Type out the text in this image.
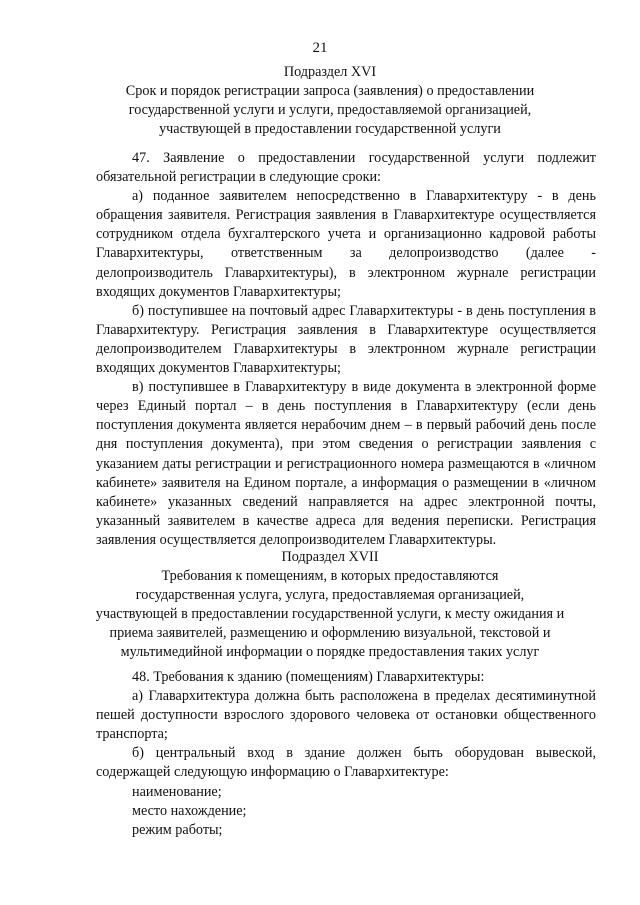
21
Подраздел XVI
Срок и порядок регистрации запроса (заявления) о предоставлении
государственной услуги и услуги, предоставляемой организацией,
участвующей в предоставлении государственной услуги

47. Заявление о предоставлении государственной услуги подлежит обязательной регистрации в следующие сроки:

а) поданное заявителем непосредственно в Главархитектуру - в день обращения заявителя. Регистрация заявления в Главархитектуре осуществляется сотрудником отдела бухгалтерского учета и организационно кадровой работы Главархитектуры, ответственным за делопроизводство (далее - делопроизводитель Главархитектуры), в электронном журнале регистрации входящих документов Главархитектуры;

б) поступившее на почтовый адрес Главархитектуры - в день поступления в Главархитектуру. Регистрация заявления в Главархитектуре осуществляется делопроизводителем Главархитектуры в электронном журнале регистрации входящих документов Главархитектуры;

в) поступившее в Главархитектуру в виде документа в электронной форме через Единый портал – в день поступления в Главархитектуру (если день поступления документа является нерабочим днем – в первый рабочий день после дня поступления документа), при этом сведения о регистрации заявления с указанием даты регистрации и регистрационного номера размещаются в «личном кабинете» заявителя на Едином портале, а информация о размещении в «личном кабинете» указанных сведений направляется на адрес электронной почты, указанный заявителем в качестве адреса для ведения переписки. Регистрация заявления осуществляется делопроизводителем Главархитектуры.

Подраздел XVII
Требования к помещениям, в которых предоставляются
государственная услуга, услуга, предоставляемая организацией,
участвующей в предоставлении государственной услуги, к месту ожидания и
приема заявителей, размещению и оформлению визуальной, текстовой и
мультимедийной информации о порядке предоставления таких услуг

48. Требования к зданию (помещениям) Главархитектуры:

а) Главархитектура должна быть расположена в пределах десятиминутной пешей доступности взрослого здорового человека от остановки общественного транспорта;

б) центральный вход в здание должен быть оборудован вывеской, содержащей следующую информацию о Главархитектуре:

наименование;

место нахождение;

режим работы;
